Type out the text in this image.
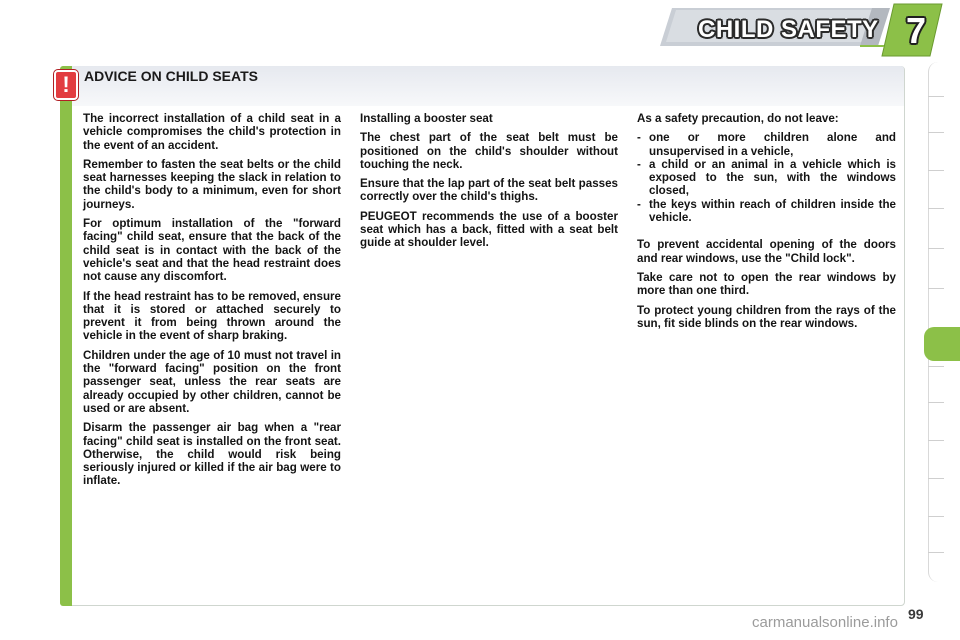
CHILD SAFETY 7
!	ADVICE ON CHILD SEATS

The incorrect installation of a child seat in a vehicle compromises the child's protection in the event of an accident.

Remember to fasten the seat belts or the child seat harnesses keeping the slack in relation to the child's body to a minimum, even for short journeys.

For optimum installation of the "forward facing" child seat, ensure that the back of the child seat is in contact with the back of the vehicle's seat and that the head restraint does not cause any discomfort.

If the head restraint has to be removed, ensure that it is stored or attached securely to prevent it from being thrown around the vehicle in the event of sharp braking.

Children under the age of 10 must not travel in the "forward facing" position on the front passenger seat, unless the rear seats are already occupied by other children, cannot be used or are absent.

Disarm the passenger air bag when a "rear facing" child seat is installed on the front seat. Otherwise, the child would risk being seriously injured or killed if the air bag were to inflate.

Installing a booster seat

The chest part of the seat belt must be positioned on the child's shoulder without touching the neck.

Ensure that the lap part of the seat belt passes correctly over the child's thighs.

PEUGEOT recommends the use of a booster seat which has a back, fitted with a seat belt guide at shoulder level.

As a safety precaution, do not leave:

- one or more children alone and unsupervised in a vehicle,
- a child or an animal in a vehicle which is exposed to the sun, with the windows closed,
- the keys within reach of children inside the vehicle.

To prevent accidental opening of the doors and rear windows, use the "Child lock".

Take care not to open the rear windows by more than one third.

To protect young children from the rays of the sun, fit side blinds on the rear windows.

carmanualsonline.info 99
